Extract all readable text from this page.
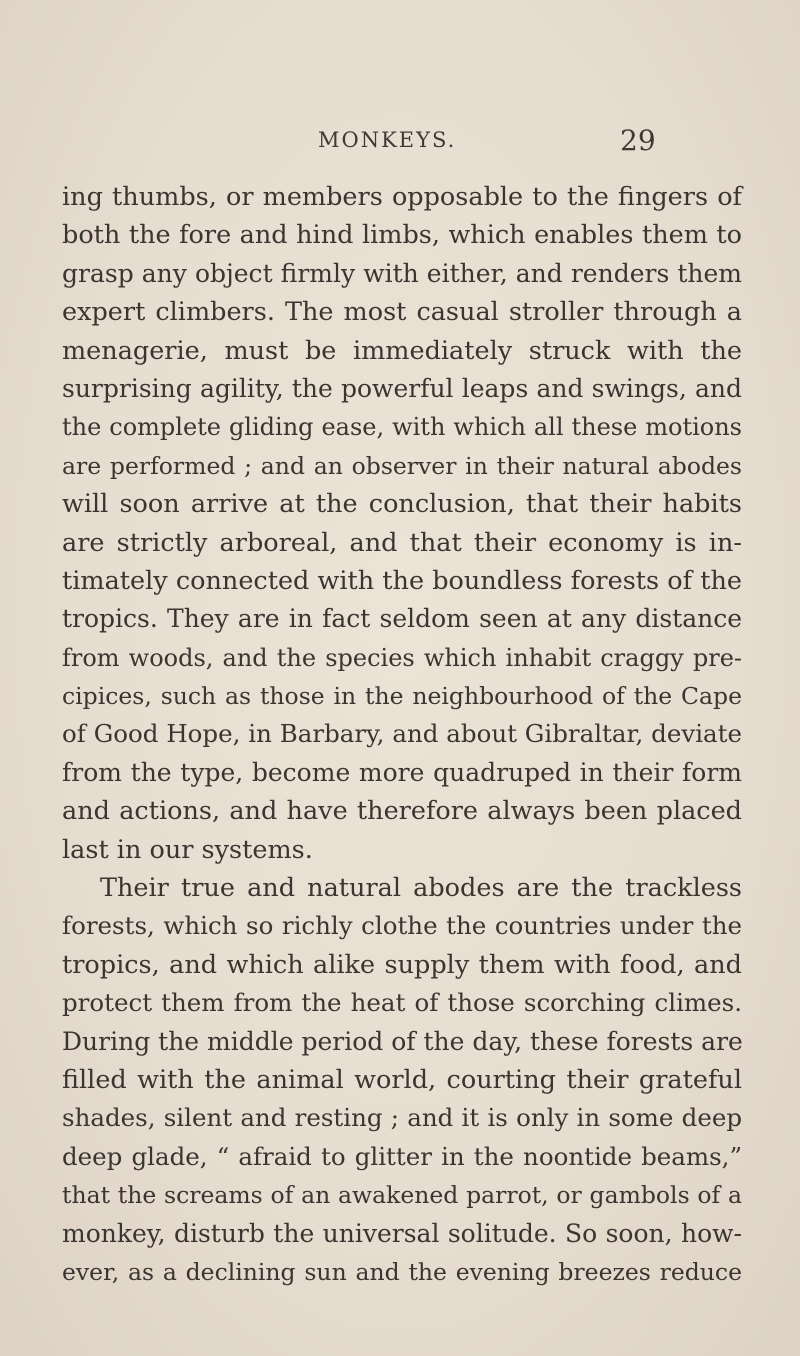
MONKEYS.	29
ing thumbs, or members opposable to the fingers of
both the fore and hind limbs, which enables them to
grasp any object firmly with either, and renders them
expert climbers. The most casual stroller through a
menagerie, must be immediately struck with the
surprising agility, the powerful leaps and swings, and
the complete gliding ease, with which all these motions
are performed ; and an observer in their natural abodes
will soon arrive at the conclusion, that their habits
are strictly arboreal, and that their economy is in-
timately connected with the boundless forests of the
tropics. They are in fact seldom seen at any distance
from woods, and the species which inhabit craggy pre-
cipices, such as those in the neighbourhood of the Cape
of Good Hope, in Barbary, and about Gibraltar, deviate
from the type, become more quadruped in their form
and actions, and have therefore always been placed
last in our systems.
Their true and natural abodes are the trackless
forests, which so richly clothe the countries under the
tropics, and which alike supply them with food, and
protect them from the heat of those scorching climes.
During the middle period of the day, these forests are
filled with the animal world, courting their grateful
shades, silent and resting ; and it is only in some deep
deep glade, “ afraid to glitter in the noontide beams,”
that the screams of an awakened parrot, or gambols of a
monkey, disturb the universal solitude. So soon, how-
ever, as a declining sun and the evening breezes reduce
